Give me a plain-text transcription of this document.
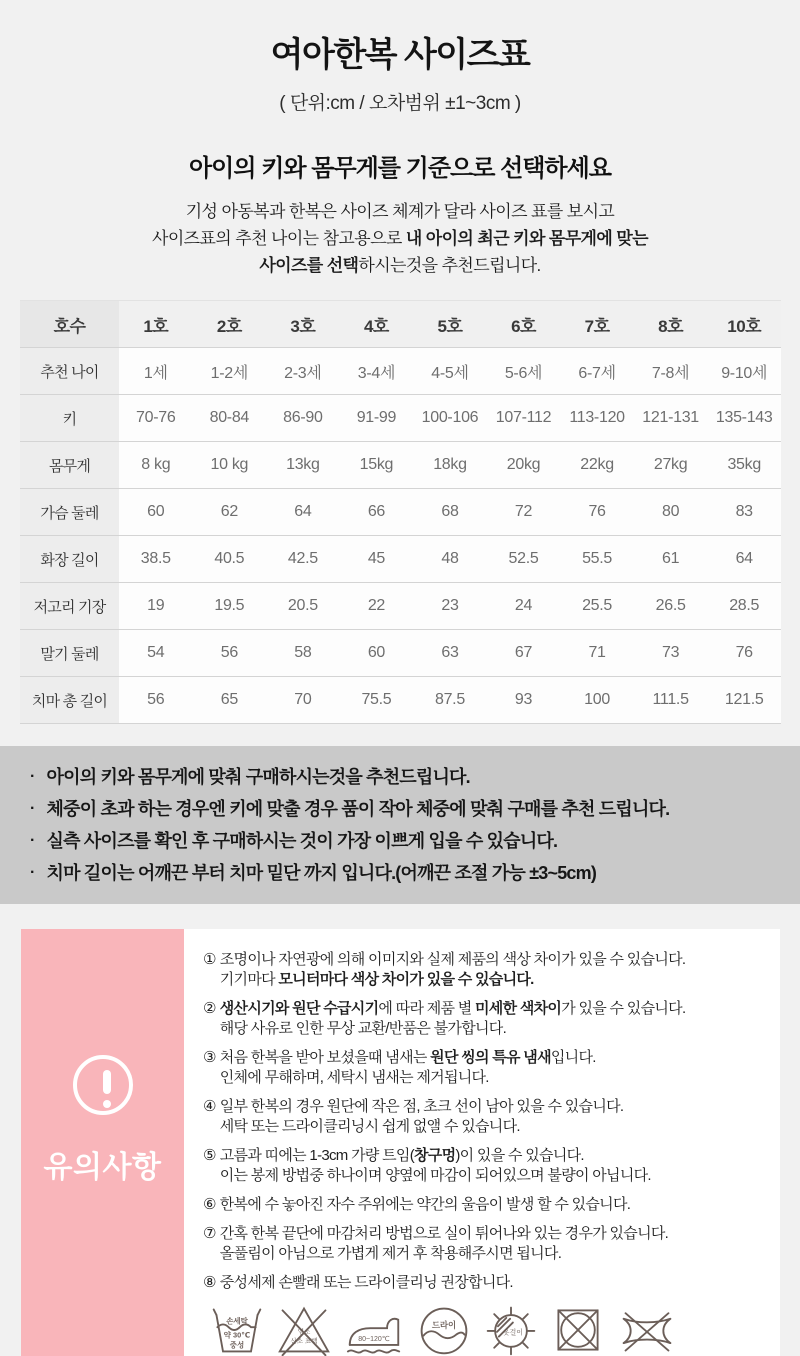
여아한복 사이즈표
( 단위:cm / 오차범위 ±1~3cm )
아이의 키와 몸무게를 기준으로 선택하세요
기성 아동복과 한복은 사이즈 체계가 달라 사이즈 표를 보시고
사이즈표의 추천 나이는 참고용으로 내 아이의 최근 키와 몸무게에 맞는
사이즈를 선택하시는것을 추천드립니다.
호수	1호	2호	3호	4호	5호	6호	7호	8호	10호
추천 나이	1세	1-2세	2-3세	3-4세	4-5세	5-6세	6-7세	7-8세	9-10세
키	70-76	80-84	86-90	91-99	100-106	107-112	113-120	121-131	135-143
몸무게	8 kg	10 kg	13kg	15kg	18kg	20kg	22kg	27kg	35kg
가슴 둘레	60	62	64	66	68	72	76	80	83
화장 길이	38.5	40.5	42.5	45	48	52.5	55.5	61	64
저고리 기장	19	19.5	20.5	22	23	24	25.5	26.5	28.5
말기 둘레	54	56	58	60	63	67	71	73	76
치마 총 길이	56	65	70	75.5	87.5	93	100	111.5	121.5
· 아이의 키와 몸무게에 맞춰 구매하시는것을 추천드립니다.
· 체중이 초과 하는 경우엔 키에 맞출 경우 품이 작아 체중에 맞춰 구매를 추천 드립니다.
· 실측 사이즈를 확인 후 구매하시는 것이 가장 이쁘게 입을 수 있습니다.
· 치마 길이는 어깨끈 부터 치마 밑단 까지 입니다.(어깨끈 조절 가능 ±3~5cm)
유의사항
① 조명이나 자연광에 의해 이미지와 실제 제품의 색상 차이가 있을 수 있습니다.
기기마다 모니터마다 색상 차이가 있을 수 있습니다.
② 생산시기와 원단 수급시기에 따라 제품 별 미세한 색차이가 있을 수 있습니다.
해당 사유로 인한 무상 교환/반품은 불가합니다.
③ 처음 한복을 받아 보셨을때 냄새는 원단 씽의 특유 냄새입니다.
인체에 무해하며, 세탁시 냄새는 제거됩니다.
④ 일부 한복의 경우 원단에 작은 점, 초크 선이 남아 있을 수 있습니다.
세탁 또는 드라이클리닝시 쉽게 없앨 수 있습니다.
⑤ 고름과 띠에는 1-3cm 가량 트임(창구멍)이 있을 수 있습니다.
이는 봉제 방법중 하나이며 양옆에 마감이 되어있으며 불량이 아닙니다.
⑥ 한복에 수 놓아진 자수 주위에는 약간의 울음이 발생 할 수 있습니다.
⑦ 간혹 한복 끝단에 마감처리 방법으로 실이 튀어나와 있는 경우가 있습니다.
올풀림이 아님으로 가볍게 제거 후 착용해주시면 됩니다.
⑧ 중성세제 손빨래 또는 드라이클리닝 권장합니다.
손세탁
약 30℃
중성
염소
산소 표백	80~120℃
드라이
옷걸이
